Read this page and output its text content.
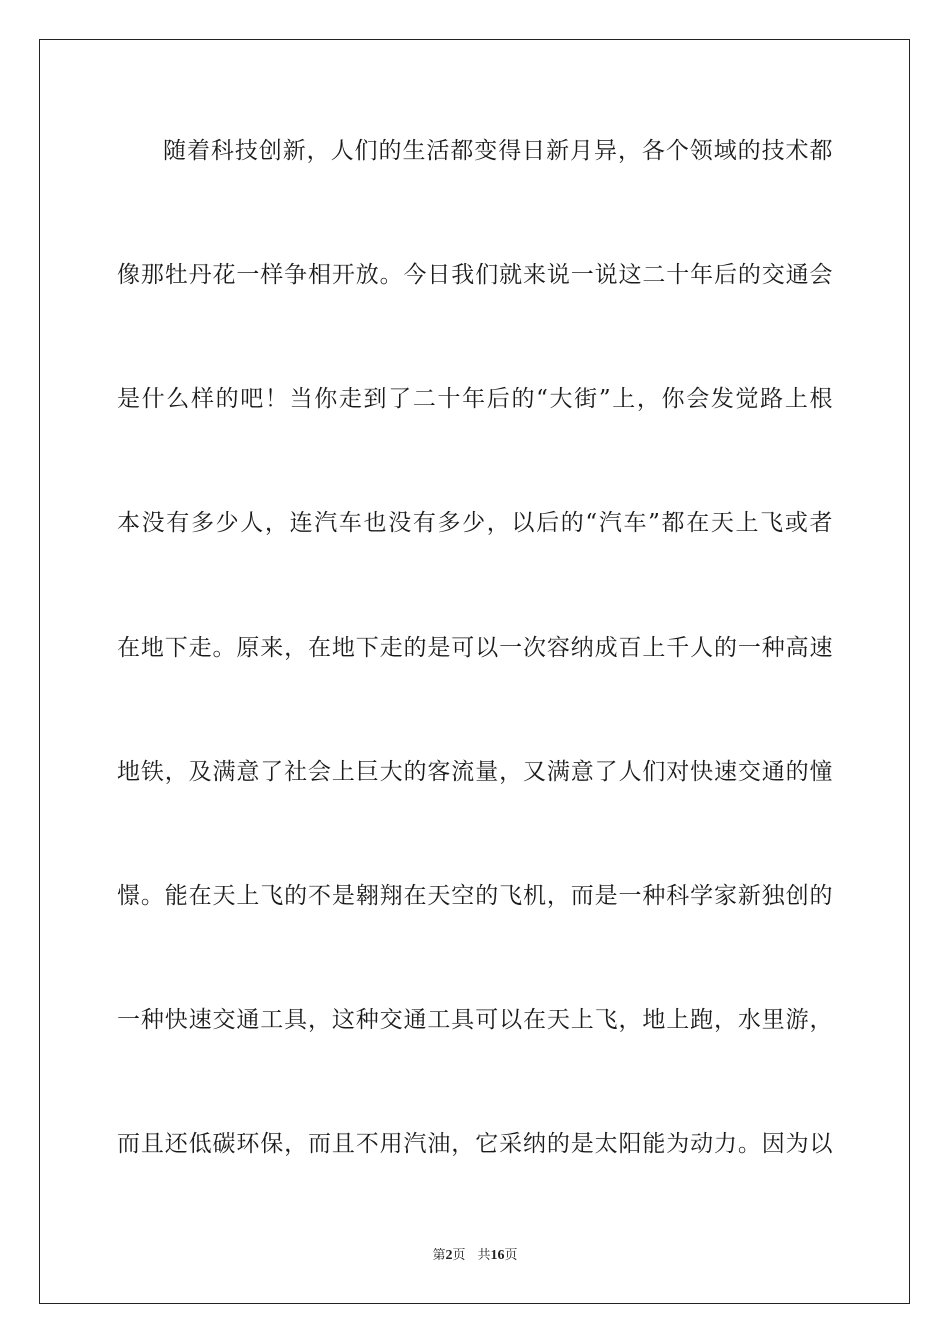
随着科技创新，人们的生活都变得日新月异，各个领域的技术都
像那牡丹花一样争相开放。今日我们就来说一说这二十年后的交通会
是什么样的吧！当你走到了二十年后的“大街”上，你会发觉路上根
本没有多少人，连汽车也没有多少，以后的“汽车”都在天上飞或者
在地下走。原来，在地下走的是可以一次容纳成百上千人的一种高速
地铁，及满意了社会上巨大的客流量，又满意了人们对快速交通的憧
憬。能在天上飞的不是翱翔在天空的飞机，而是一种科学家新独创的
一种快速交通工具，这种交通工具可以在天上飞，地上跑，水里游，
而且还低碳环保，而且不用汽油，它采纳的是太阳能为动力。因为以
第2页 共16页
